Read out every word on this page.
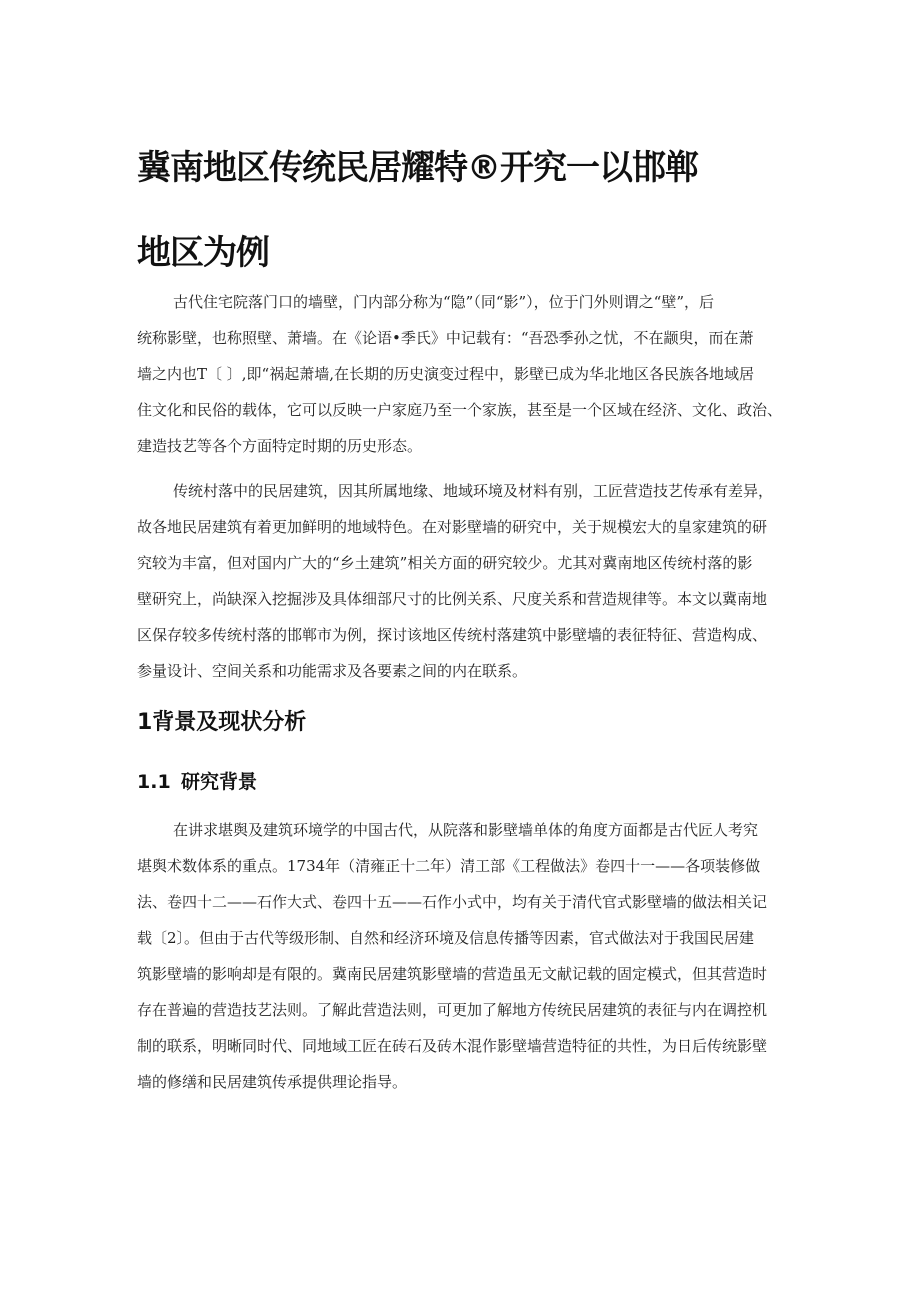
冀南地区传统民居耀特®开究一以邯郸
地区为例
古代住宅院落门口的墙壁，门内部分称为“隐”（同“影”），位于门外则谓之“壁”，后
统称影壁，也称照壁、萧墙。在《论语•季氏》中记载有：“吾恐季孙之忧，不在颛臾，而在萧
墙之内也T〔 〕,即“祸起萧墙,在长期的历史演变过程中，影壁已成为华北地区各民族各地域居
住文化和民俗的载体，它可以反映一户家庭乃至一个家族，甚至是一个区域在经济、文化、政治、
建造技艺等各个方面特定时期的历史形态。
传统村落中的民居建筑，因其所属地缘、地域环境及材料有别，工匠营造技艺传承有差异，
故各地民居建筑有着更加鲜明的地域特色。在对影壁墙的研究中，关于规模宏大的皇家建筑的研
究较为丰富，但对国内广大的“乡土建筑”相关方面的研究较少。尤其对冀南地区传统村落的影
壁研究上，尚缺深入挖掘涉及具体细部尺寸的比例关系、尺度关系和营造规律等。本文以冀南地
区保存较多传统村落的邯郸市为例，探讨该地区传统村落建筑中影壁墙的表征特征、营造构成、
参量设计、空间关系和功能需求及各要素之间的内在联系。
1背景及现状分析
1.1 研究背景
在讲求堪舆及建筑环境学的中国古代，从院落和影壁墙单体的角度方面都是古代匠人考究
堪舆术数体系的重点。1734年（清雍正十二年）清工部《工程做法》卷四十一——各项装修做
法、卷四十二——石作大式、卷四十五——石作小式中，均有关于清代官式影壁墙的做法相关记
载〔2〕。但由于古代等级形制、自然和经济环境及信息传播等因素，官式做法对于我国民居建
筑影壁墙的影响却是有限的。冀南民居建筑影壁墙的营造虽无文献记载的固定模式，但其营造时
存在普遍的营造技艺法则。了解此营造法则，可更加了解地方传统民居建筑的表征与内在调控机
制的联系，明晰同时代、同地域工匠在砖石及砖木混作影壁墙营造特征的共性，为日后传统影壁
墙的修缮和民居建筑传承提供理论指导。
